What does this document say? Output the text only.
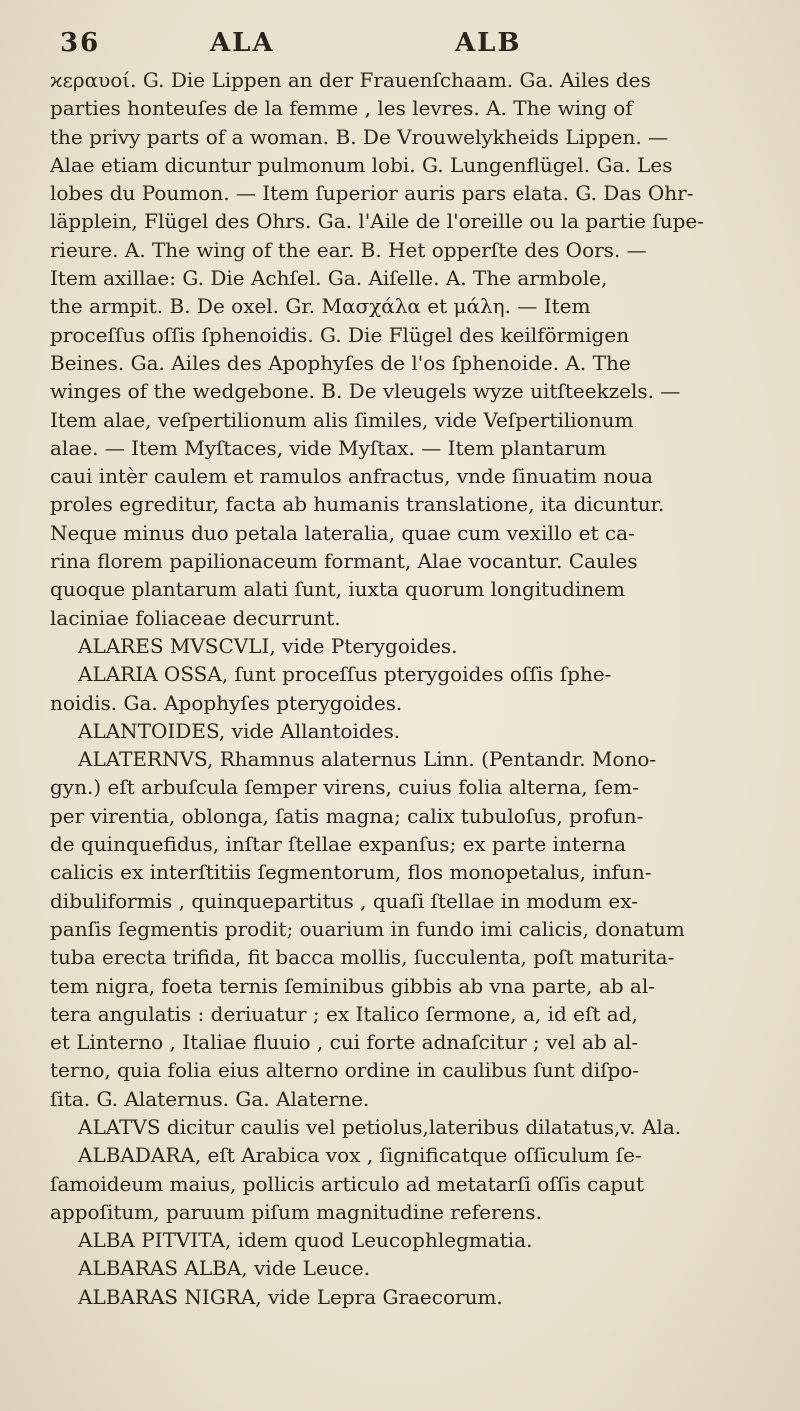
36	ALA	ALB
ϰεραυοί. G. Die Lippen an der Frauenſchaam. Ga. Ailes des
parties honteuſes de la femme , les levres. A. The wing of
the privy parts of a woman. B. De Vrouwelykheids Lippen. —
Alae etiam dicuntur pulmonum lobi. G. Lungenflügel. Ga. Les
lobes du Poumon. — Item ſuperior auris pars elata. G. Das Ohr-
läpplein, Flügel des Ohrs. Ga. l'Aile de l'oreille ou la partie ſupe-
rieure. A. The wing of the ear. B. Het opperſte des Oors. —
Item axillae: G. Die Achſel. Ga. Aiſelle. A. The armbole,
the armpit. B. De oxel. Gr. Μασχάλα et μάλη. — Item
proceſſus oſſis ſphenoidis. G. Die Flügel des keilförmigen
Beines. Ga. Ailes des Apophyſes de l'os ſphenoide. A. The
winges of the wedgebone. B. De vleugels wyze uitſteekzels. —
Item alae, veſpertilionum alis ſimiles, vide Veſpertilionum
alae. — Item Myſtaces, vide Myſtax. — Item plantarum
caui intèr caulem et ramulos anfractus, vnde ſinuatim noua
proles egreditur, facta ab humanis translatione, ita dicuntur.
Neque minus duo petala lateralia, quae cum vexillo et ca-
rina florem papilionaceum formant, Alae vocantur. Caules
quoque plantarum alati ſunt, iuxta quorum longitudinem
laciniae foliaceae decurrunt.
ALARES MVSCVLI, vide Pterygoides.
ALARIA OSSA, ſunt proceſſus pterygoides oſſis ſphe-
noidis. Ga. Apophyſes pterygoides.
ALANTOIDES, vide Allantoides.
ALATERNVS, Rhamnus alaternus Linn. (Pentandr. Mono-
gyn.) eſt arbuſcula ſemper virens, cuius folia alterna, ſem-
per virentia, oblonga, ſatis magna; calix tubuloſus, profun-
de quinquefidus, inſtar ſtellae expanſus; ex parte interna
calicis ex interſtitiis ſegmentorum, flos monopetalus, infun-
dibuliformis , quinquepartitus , quaſi ſtellae in modum ex-
panſis ſegmentis prodit; ouarium in fundo imi calicis, donatum
tuba erecta trifida, fit bacca mollis, ſucculenta, poſt maturita-
tem nigra, foeta ternis ſeminibus gibbis ab vna parte, ab al-
tera angulatis : deriuatur ; ex Italico ſermone, a, id eſt ad,
et Linterno , Italiae fluuio , cui forte adnaſcitur ; vel ab al-
terno, quia folia eius alterno ordine in caulibus ſunt diſpo-
ſita. G. Alaternus. Ga. Alaterne.
ALATVS dicitur caulis vel petiolus,lateribus dilatatus,v. Ala.
ALBADARA, eſt Arabica vox , ſignificatque oſſiculum ſe-
ſamoideum maius, pollicis articulo ad metatarſi oſſis caput
appoſitum, paruum piſum magnitudine referens.
ALBA PITVITA, idem quod Leucophlegmatia.
ALBARAS ALBA, vide Leuce.
ALBARAS NIGRA, vide Lepra Graecorum.
